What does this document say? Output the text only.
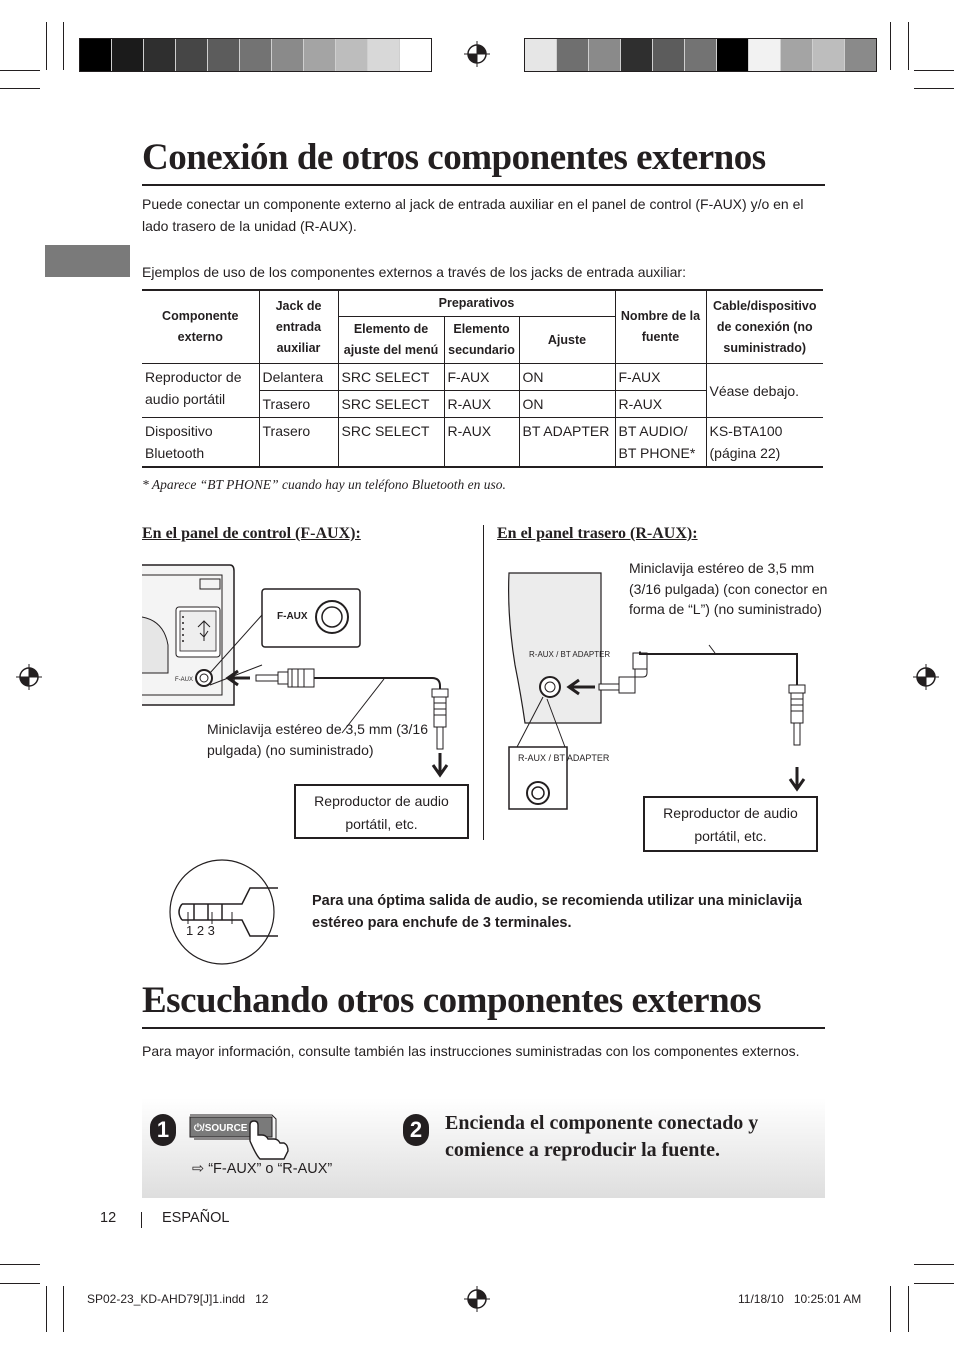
Conexión de otros componentes externos
Puede conectar un componente externo al jack de entrada auxiliar en el panel de control (F-AUX) y/o en el lado trasero de la unidad (R-AUX).
Ejemplos de uso de los componentes externos a través de los jacks de entrada auxiliar:
Componente externo	Jack de entrada auxiliar	Preparativos			Nombre de la fuente	Cable/dispositivo de conexión (no suministrado)
		Elemento de ajuste del menú	Elemento secundario	Ajuste		
Reproductor de audio portátil	Delantera	SRC SELECT	F-AUX	ON	F-AUX	Véase debajo.
	Trasero	SRC SELECT	R-AUX	ON	R-AUX	
Dispositivo Bluetooth	Trasero	SRC SELECT	R-AUX	BT ADAPTER	BT AUDIO/ BT PHONE*	KS-BTA100 (página 22)
* Aparece “BT PHONE” cuando hay un teléfono Bluetooth en uso.
En el panel de control (F-AUX):	En el panel trasero (R-AUX):
F-AUX
F-AUX
Miniclavija estéreo de 3,5 mm (3/16 pulgada) (no suministrado)
Reproductor de audio portátil, etc.
R-AUX / BT ADAPTER
R-AUX / BT ADAPTER
Miniclavija estéreo de 3,5 mm (3/16 pulgada) (con conector en forma de “L”) (no suministrado)
Reproductor de audio portátil, etc.
1 2 3
Para una óptima salida de audio, se recomienda utilizar una miniclavija estéreo para enchufe de 3 terminales.
Escuchando otros componentes externos
Para mayor información, consulte también las instrucciones suministradas con los componentes externos.
1	⏻/SOURCE
⇨ “F-AUX” o “R-AUX”
2	Encienda el componente conectado y comience a reproducir la fuente.
12	ESPAÑOL
SP02-23_KD-AHD79[J]1.indd   12	11/18/10   10:25:01 AM
